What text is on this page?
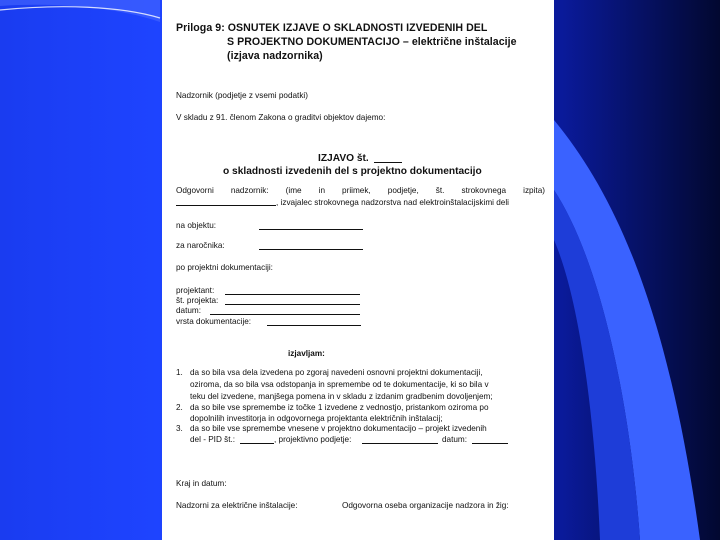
Priloga 9: OSNUTEK IZJAVE O SKLADNOSTI IZVEDENIH DEL
S PROJEKTNO DOKUMENTACIJO – električne inštalacije
(izjava nadzornika)
Nadzornik (podjetje z vsemi podatki)
V skladu z 91. členom Zakona o graditvi objektov dajemo:
IZJAVO št.
o skladnosti izvedenih del s projektno dokumentacijo
Odgovorni nadzornik: (ime in priimek, podjetje, št. strokovnega izpita)
, izvajalec strokovnega nadzorstva nad elektroinštalacijskimi deli
na objektu:
za naročnika:
po projektni dokumentaciji:
projektant:
št. projekta:
datum:
vrsta dokumentacije:
izjavljam:
1. da so bila vsa dela izvedena po zgoraj navedeni osnovni projektni dokumentaciji,
oziroma, da so bila vsa odstopanja in spremembe od te dokumentacije, ki so bila v
teku del izvedene, manjšega pomena in v skladu z izdanim gradbenim dovoljenjem;
2. da so bile vse spremembe iz točke 1 izvedene z vednostjo, pristankom oziroma po
dopolnilih investitorja in odgovornega projektanta električnih inštalacij;
3. da so bile vse spremembe vnesene v projektno dokumentacijo – projekt izvedenih
del - PID št.:	, projektivno podjetje:	datum:
Kraj in datum:
Nadzorni za električne inštalacije:	Odgovorna oseba organizacije nadzora in žig:
